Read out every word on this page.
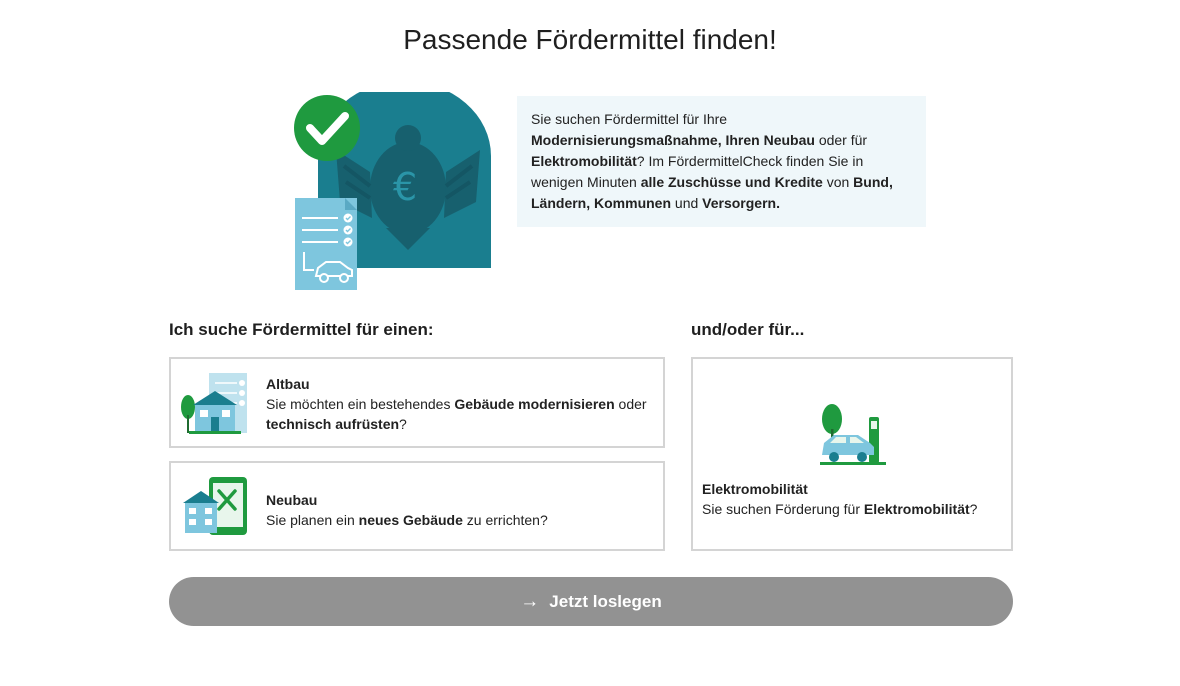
Passende Fördermittel finden!
€
Sie suchen Fördermittel für Ihre Modernisierungsmaßnahme, Ihren Neubau oder für Elektromobilität? Im FördermittelCheck finden Sie in wenigen Minuten alle Zuschüsse und Kredite von Bund, Ländern, Kommunen und Versorgern.
Ich suche Fördermittel für einen:	und/oder für...
Altbau
Sie möchten ein bestehendes Gebäude modernisieren oder technisch aufrüsten?
Neubau
Sie planen ein neues Gebäude zu errichten?
Elektromobilität
Sie suchen Förderung für Elektromobilität?
→ Jetzt loslegen
